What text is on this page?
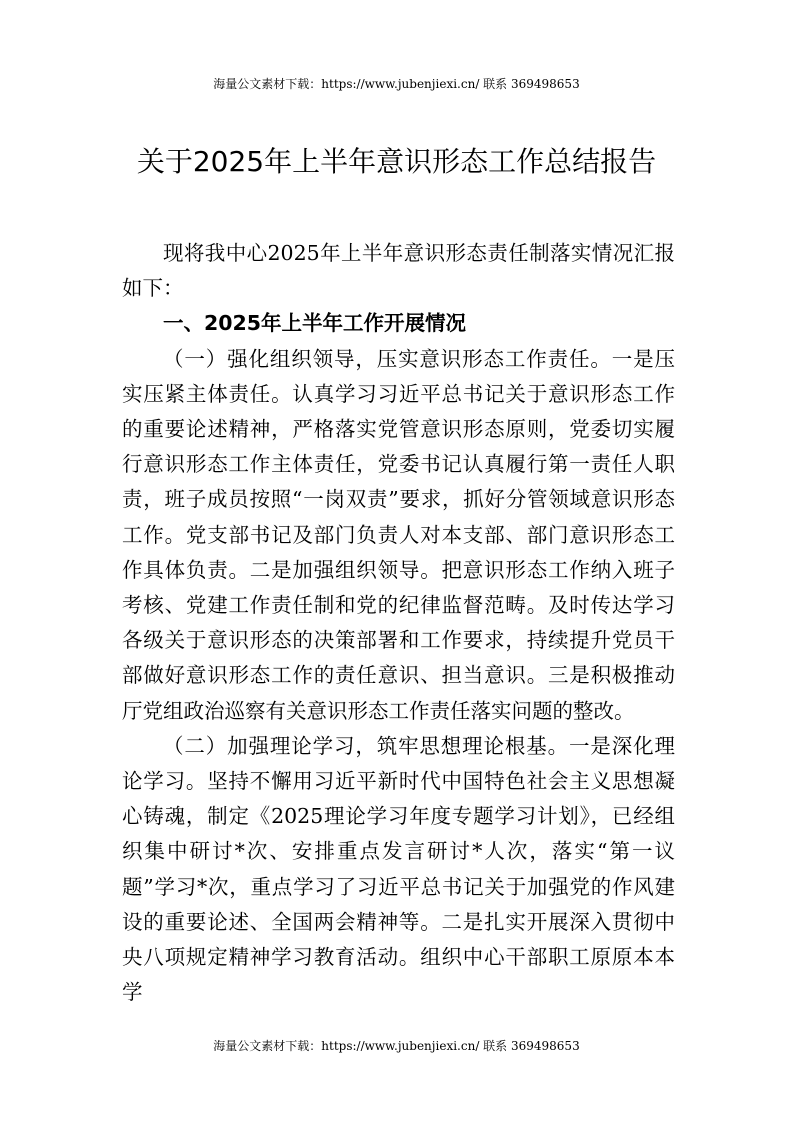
海量公文素材下载：https://www.jubenjiexi.cn/ 联系 369498653
关于2025年上半年意识形态工作总结报告

现将我中心2025年上半年意识形态责任制落实情况汇报如下：

一、2025年上半年工作开展情况

（一）强化组织领导，压实意识形态工作责任。一是压实压紧主体责任。认真学习习近平总书记关于意识形态工作的重要论述精神，严格落实党管意识形态原则，党委切实履行意识形态工作主体责任，党委书记认真履行第一责任人职责，班子成员按照“一岗双责”要求，抓好分管领域意识形态工作。党支部书记及部门负责人对本支部、部门意识形态工作具体负责。二是加强组织领导。把意识形态工作纳入班子考核、党建工作责任制和党的纪律监督范畴。及时传达学习各级关于意识形态的决策部署和工作要求，持续提升党员干部做好意识形态工作的责任意识、担当意识。三是积极推动厅党组政治巡察有关意识形态工作责任落实问题的整改。

（二）加强理论学习，筑牢思想理论根基。一是深化理论学习。坚持不懈用习近平新时代中国特色社会主义思想凝心铸魂，制定《2025理论学习年度专题学习计划》，已经组织集中研讨*次、安排重点发言研讨*人次，落实“第一议题”学习*次，重点学习了习近平总书记关于加强党的作风建设的重要论述、全国两会精神等。二是扎实开展深入贯彻中央八项规定精神学习教育活动。组织中心干部职工原原本本学

海量公文素材下载：https://www.jubenjiexi.cn/ 联系 369498653
